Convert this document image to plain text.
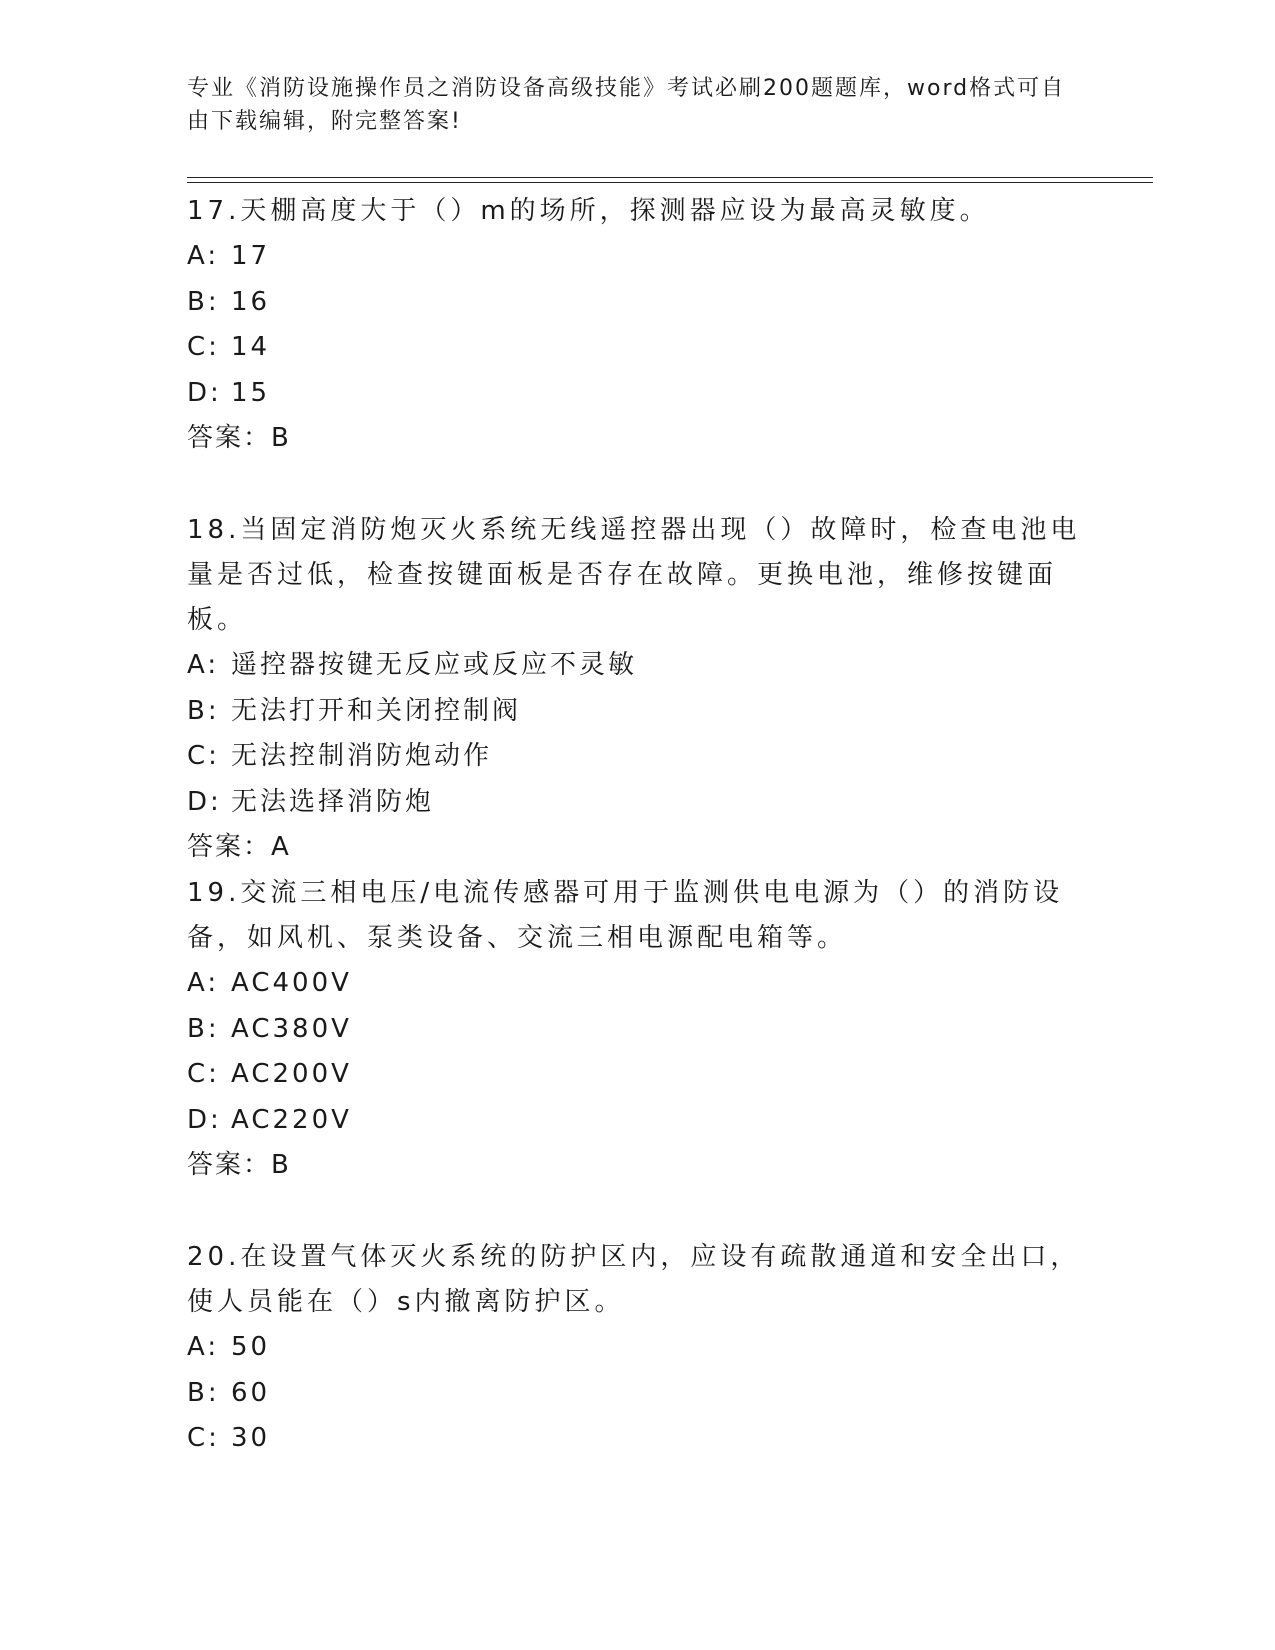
专业《消防设施操作员之消防设备高级技能》考试必刷200题题库，word格式可自由下载编辑，附完整答案!

17.天棚高度大于（）m的场所，探测器应设为最高灵敏度。

A: 17

B: 16

C: 14

D: 15

答案：B

18.当固定消防炮灭火系统无线遥控器出现（）故障时，检查电池电量是否过低，检查按键面板是否存在故障。更换电池，维修按键面板。

A: 遥控器按键无反应或反应不灵敏

B: 无法打开和关闭控制阀

C: 无法控制消防炮动作

D: 无法选择消防炮

答案：A

19.交流三相电压/电流传感器可用于监测供电电源为（）的消防设备，如风机、泵类设备、交流三相电源配电箱等。

A: AC400V

B: AC380V

C: AC200V

D: AC220V

答案：B

20.在设置气体灭火系统的防护区内，应设有疏散通道和安全出口，使人员能在（）s内撤离防护区。

A: 50

B: 60

C: 30
